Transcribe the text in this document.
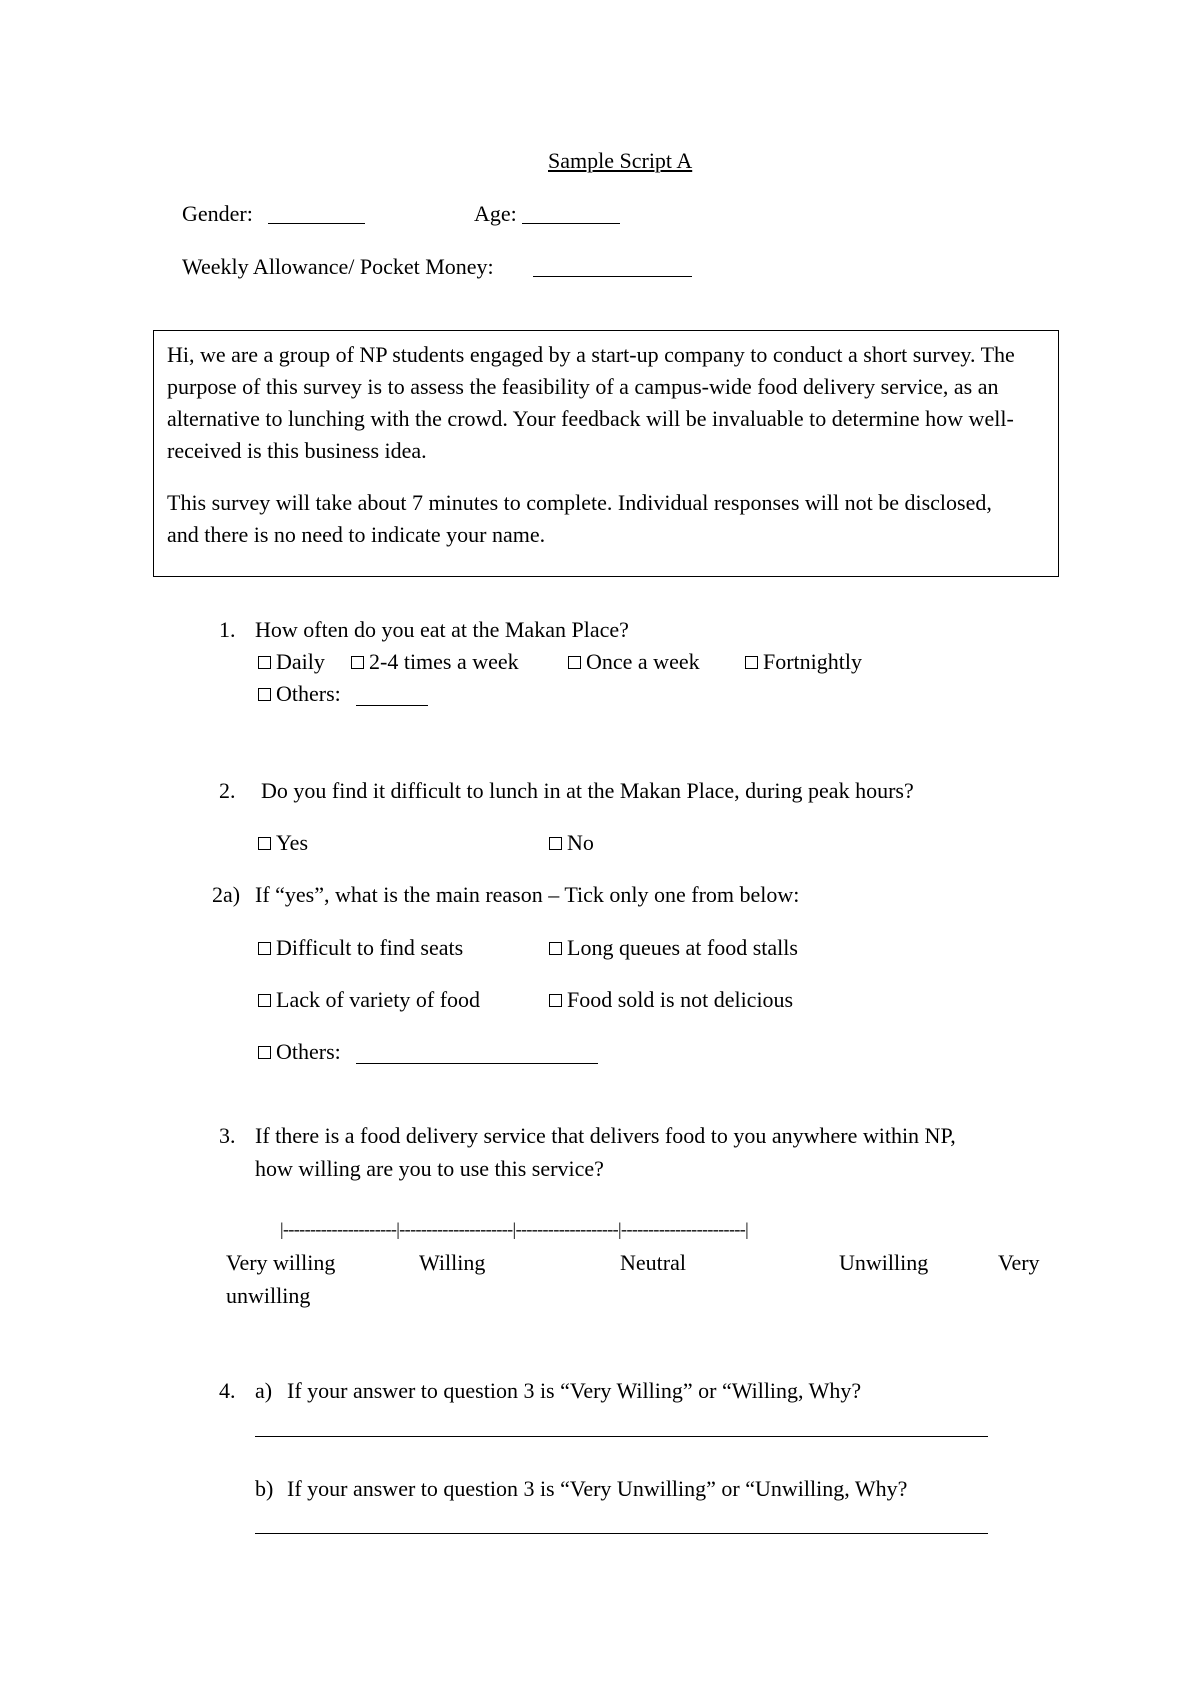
Sample Script A
Gender:	Age:
Weekly Allowance/ Pocket Money:
Hi, we are a group of NP students engaged by a start-up company to conduct a short survey. The purpose of this survey is to assess the feasibility of a campus-wide food delivery service, as an alternative to lunching with the crowd. Your feedback will be invaluable to determine how well-received is this business idea.
This survey will take about 7 minutes to complete. Individual responses will not be disclosed, and there is no need to indicate your name.
1. How often do you eat at the Makan Place?
Daily 2-4 times a week	Once a week	Fortnightly
Others:
2. Do you find it difficult to lunch in at the Makan Place, during peak hours?
Yes	No
2a) If “yes”, what is the main reason – Tick only one from below:
Difficult to find seats	Long queues at food stalls
Lack of variety of food	Food sold is not delicious
Others:
3. If there is a food delivery service that delivers food to you anywhere within NP,
how willing are you to use this service?
|---------------------|---------------------|-------------------|-----------------------|
Very willing	Willing	Neutral	Unwilling	Very
unwilling
4. a) If your answer to question 3 is “Very Willing” or “Willing, Why?
b) If your answer to question 3 is “Very Unwilling” or “Unwilling, Why?
